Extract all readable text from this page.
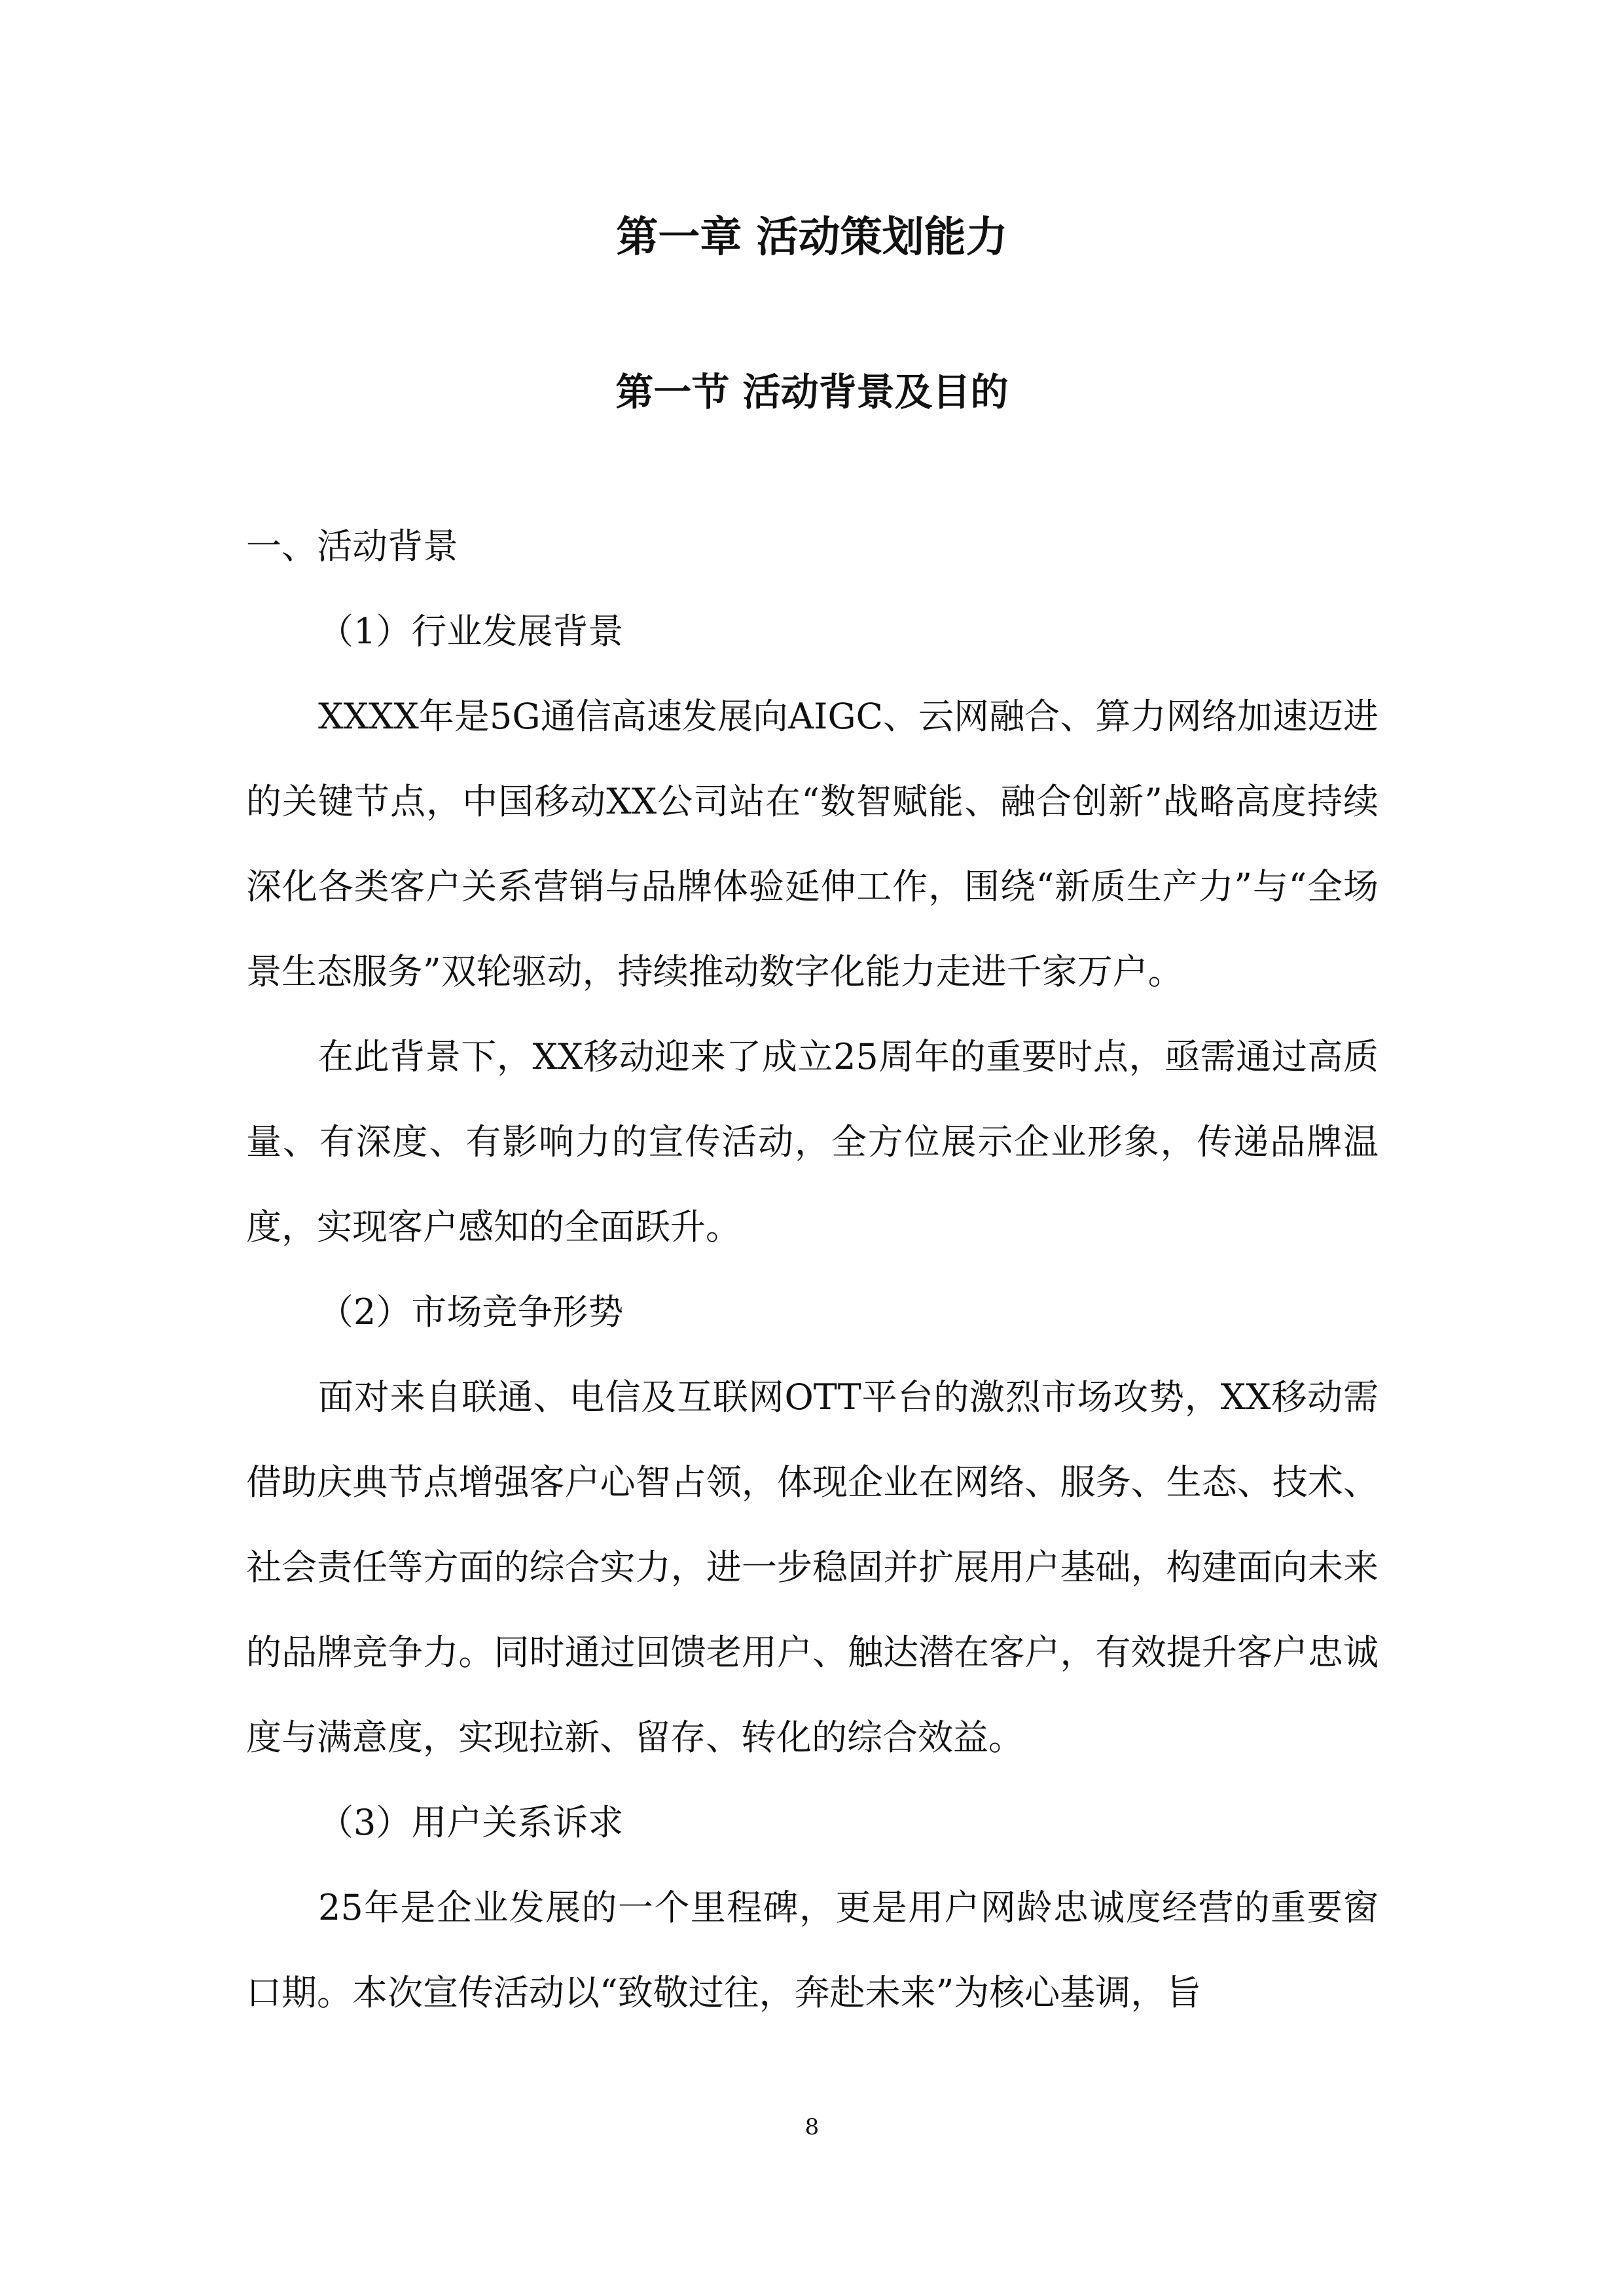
第一章 活动策划能力
第一节 活动背景及目的

一、活动背景

（1）行业发展背景

XXXX年是5G通信高速发展向AIGC、云网融合、算力网络加速迈进的关键节点，中国移动XX公司站在“数智赋能、融合创新”战略高度持续深化各类客户关系营销与品牌体验延伸工作，围绕“新质生产力”与“全场景生态服务”双轮驱动，持续推动数字化能力走进千家万户。

在此背景下，XX移动迎来了成立25周年的重要时点，亟需通过高质量、有深度、有影响力的宣传活动，全方位展示企业形象，传递品牌温度，实现客户感知的全面跃升。

（2）市场竞争形势

面对来自联通、电信及互联网OTT平台的激烈市场攻势，XX移动需借助庆典节点增强客户心智占领，体现企业在网络、服务、生态、技术、社会责任等方面的综合实力，进一步稳固并扩展用户基础，构建面向未来的品牌竞争力。同时通过回馈老用户、触达潜在客户，有效提升客户忠诚度与满意度，实现拉新、留存、转化的综合效益。

（3）用户关系诉求

25年是企业发展的一个里程碑，更是用户网龄忠诚度经营的重要窗口期。本次宣传活动以“致敬过往，奔赴未来”为核心基调，旨

8
